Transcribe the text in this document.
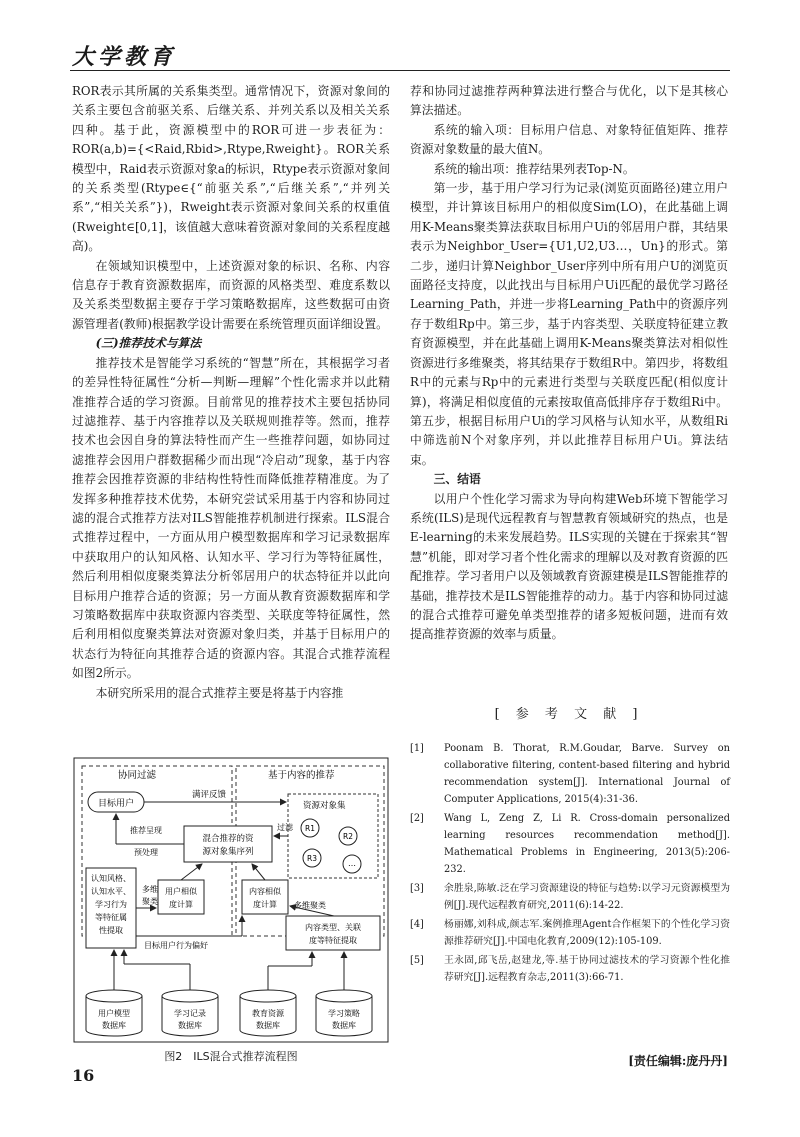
大学教育

ROR表示其所属的关系集类型。通常情况下，资源对象间的关系主要包含前驱关系、后继关系、并列关系以及相关关系四种。基于此，资源模型中的ROR可进一步表征为：ROR(a,b)={<Raid,Rbid>,Rtype,Rweight}。ROR关系模型中，Raid表示资源对象a的标识，Rtype表示资源对象间的关系类型(Rtype∈{“前驱关系”,“后继关系”,“并列关系”,“相关关系”})，Rweight表示资源对象间关系的权重值(Rweight∈[0,1]，该值越大意味着资源对象间的关系程度越高)。

在领域知识模型中，上述资源对象的标识、名称、内容信息存于教育资源数据库，而资源的风格类型、难度系数以及关系类型数据主要存于学习策略数据库，这些数据可由资源管理者(教师)根据教学设计需要在系统管理页面详细设置。

(三)推荐技术与算法

推荐技术是智能学习系统的“智慧”所在，其根据学习者的差异性特征属性“分析—判断—理解”个性化需求并以此精准推荐合适的学习资源。目前常见的推荐技术主要包括协同过滤推荐、基于内容推荐以及关联规则推荐等。然而，推荐技术也会因自身的算法特性而产生一些推荐问题，如协同过滤推荐会因用户群数据稀少而出现“冷启动”现象，基于内容推荐会因推荐资源的非结构性特性而降低推荐精准度。为了发挥多种推荐技术优势，本研究尝试采用基于内容和协同过滤的混合式推荐方法对ILS智能推荐机制进行探索。ILS混合式推荐过程中，一方面从用户模型数据库和学习记录数据库中获取用户的认知风格、认知水平、学习行为等特征属性，然后利用相似度聚类算法分析邻居用户的状态特征并以此向目标用户推荐合适的资源；另一方面从教育资源数据库和学习策略数据库中获取资源内容类型、关联度等特征属性，然后利用相似度聚类算法对资源对象归类，并基于目标用户的状态行为特征向其推荐合适的资源内容。其混合式推荐流程如图2所示。

本研究所采用的混合式推荐主要是将基于内容推

协同过滤	基于内容的推荐
目标用户
满评反馈
资源对象集
R1
R2
R3
…
混合推荐的资
源对象集序列
过滤
推荐呈现
预处理
认知风格、
认知水平、
学习行为
等特征属
性提取
多维
聚类
用户相似
度计算
内容相似
度计算 多维聚类
内容类型、关联
度等特征提取
目标用户行为偏好
用户模型
数据库
学习记录
数据库
教育资源
数据库
学习策略
数据库
图2　ILS混合式推荐流程图

荐和协同过滤推荐两种算法进行整合与优化，以下是其核心算法描述。

系统的输入项：目标用户信息、对象特征值矩阵、推荐资源对象数量的最大值N。

系统的输出项：推荐结果列表Top-N。

第一步，基于用户学习行为记录(浏览页面路径)建立用户模型，并计算该目标用户的相似度Sim(LO)，在此基础上调用K-Means聚类算法获取目标用户Ui的邻居用户群，其结果表示为Neighbor_User={U1,U2,U3…，Un}的形式。第二步，递归计算Neighbor_User序列中所有用户U的浏览页面路径支持度，以此找出与目标用户Ui匹配的最优学习路径Learning_Path，并进一步将Learning_Path中的资源序列存于数组Rp中。第三步，基于内容类型、关联度特征建立教育资源模型，并在此基础上调用K-Means聚类算法对相似性资源进行多维聚类，将其结果存于数组R中。第四步，将数组R中的元素与Rp中的元素进行类型与关联度匹配(相似度计算)，将满足相似度值的元素按取值高低排序存于数组Ri中。第五步，根据目标用户Ui的学习风格与认知水平，从数组Ri中筛选前N个对象序列，并以此推荐目标用户Ui。算法结束。

三、结语

以用户个性化学习需求为导向构建Web环境下智能学习系统(ILS)是现代远程教育与智慧教育领域研究的热点，也是E-learning的未来发展趋势。ILS实现的关键在于探索其“智慧”机能，即对学习者个性化需求的理解以及对教育资源的匹配推荐。学习者用户以及领域教育资源建模是ILS智能推荐的基础，推荐技术是ILS智能推荐的动力。基于内容和协同过滤的混合式推荐可避免单类型推荐的诸多短板问题，进而有效提高推荐资源的效率与质量。

[ 参 考 文 献 ]
[1]	Poonam B. Thorat, R.M.Goudar, Barve. Survey on collaborative filtering, content-based filtering and hybrid recommendation system[J]. International Journal of Computer Applications, 2015(4):31-36.
[2]	Wang L, Zeng Z, Li R. Cross-domain personalized learning resources recommendation method[J]. Mathematical Problems in Engineering, 2013(5):206-232.
[3]	余胜泉,陈敏.泛在学习资源建设的特征与趋势:以学习元资源模型为例[J].现代远程教育研究,2011(6):14-22.
[4]	杨丽娜,刘科成,颜志军.案例推理Agent合作框架下的个性化学习资源推荐研究[J].中国电化教育,2009(12):105-109.
[5]	王永固,邱飞岳,赵建龙,等.基于协同过滤技术的学习资源个性化推荐研究[J].远程教育杂志,2011(3):66-71.
[责任编辑:庞丹丹]
16
